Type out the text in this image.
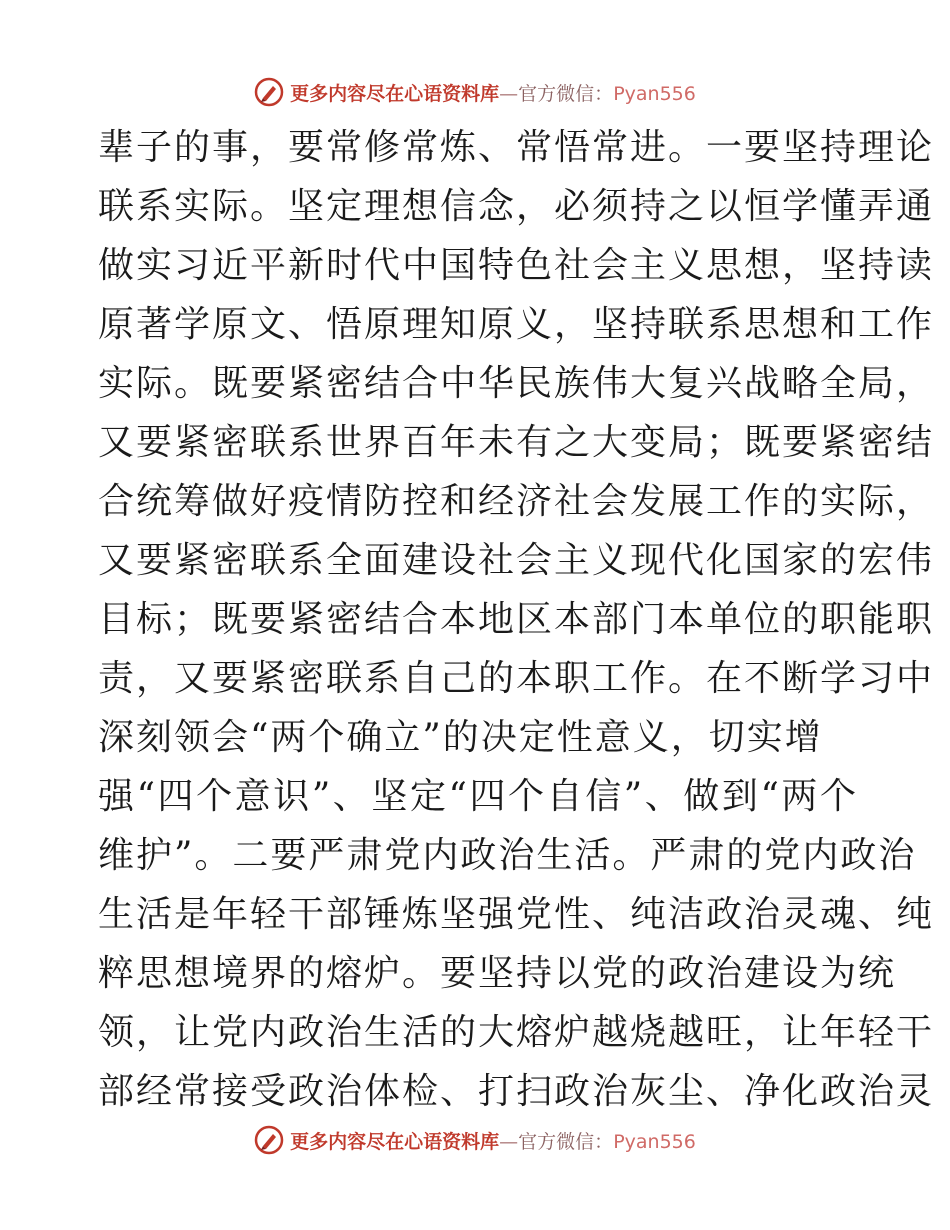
更多内容尽在心语资料库—官方微信：Pyan556
辈子的事，要常修常炼、常悟常进。一要坚持理论
联系实际。坚定理想信念，必须持之以恒学懂弄通
做实习近平新时代中国特色社会主义思想，坚持读
原著学原文、悟原理知原义，坚持联系思想和工作
实际。既要紧密结合中华民族伟大复兴战略全局，
又要紧密联系世界百年未有之大变局；既要紧密结
合统筹做好疫情防控和经济社会发展工作的实际，
又要紧密联系全面建设社会主义现代化国家的宏伟
目标；既要紧密结合本地区本部门本单位的职能职
责，又要紧密联系自己的本职工作。在不断学习中
深刻领会“两个确立”的决定性意义，切实增
强“四个意识”、坚定“四个自信”、做到“两个
维护”。二要严肃党内政治生活。严肃的党内政治
生活是年轻干部锤炼坚强党性、纯洁政治灵魂、纯
粹思想境界的熔炉。要坚持以党的政治建设为统
领，让党内政治生活的大熔炉越烧越旺，让年轻干
部经常接受政治体检、打扫政治灰尘、净化政治灵
更多内容尽在心语资料库—官方微信：Pyan556
